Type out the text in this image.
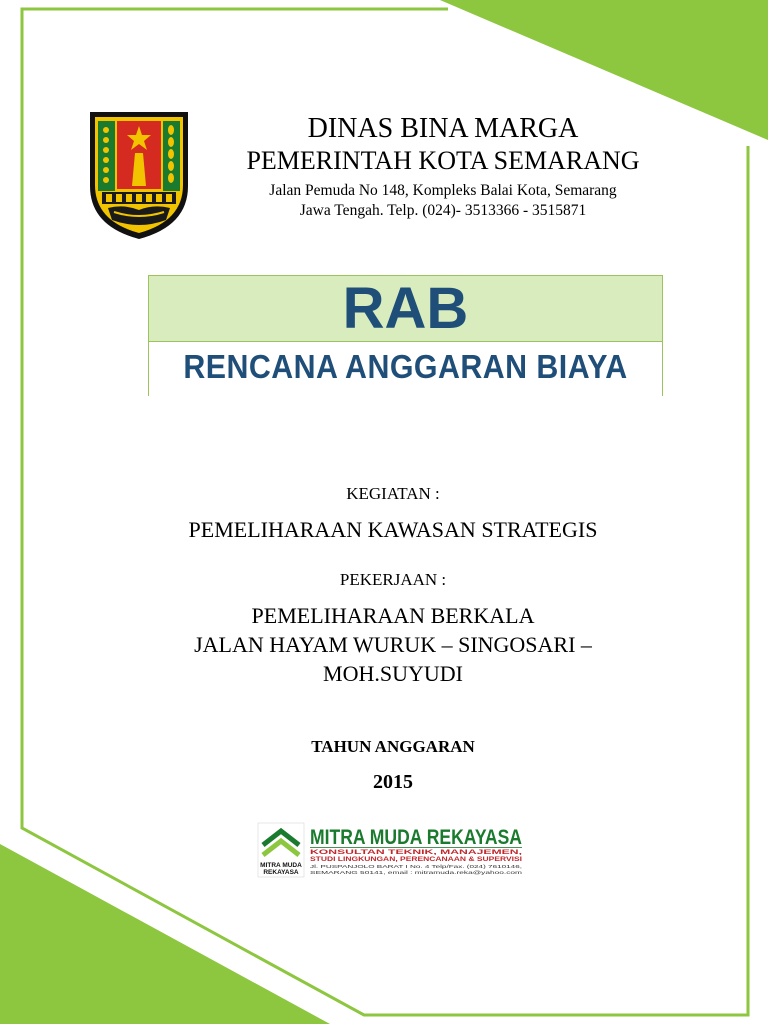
DINAS BINA MARGA
PEMERINTAH KOTA SEMARANG
Jalan Pemuda No 148, Kompleks Balai Kota, Semarang
Jawa Tengah. Telp. (024)- 3513366 - 3515871
RAB
RENCANA ANGGARAN BIAYA
KEGIATAN :
PEMELIHARAAN KAWASAN STRATEGIS
PEKERJAAN :
PEMELIHARAAN BERKALA
JALAN HAYAM WURUK – SINGOSARI –
MOH.SUYUDI
TAHUN ANGGARAN
2015
MITRA MUDA
REKAYASA
MITRA MUDA REKAYASA
KONSULTAN TEKNIK, MANAJEMEN,
STUDI LINGKUNGAN, PERENCANAAN & SUPERVISI
Jl. PUSPANJOLO BARAT I No. 4 Telp/Fax. (024) 7610146,
SEMARANG 50141, email : mitramuda.reka@yahoo.com
